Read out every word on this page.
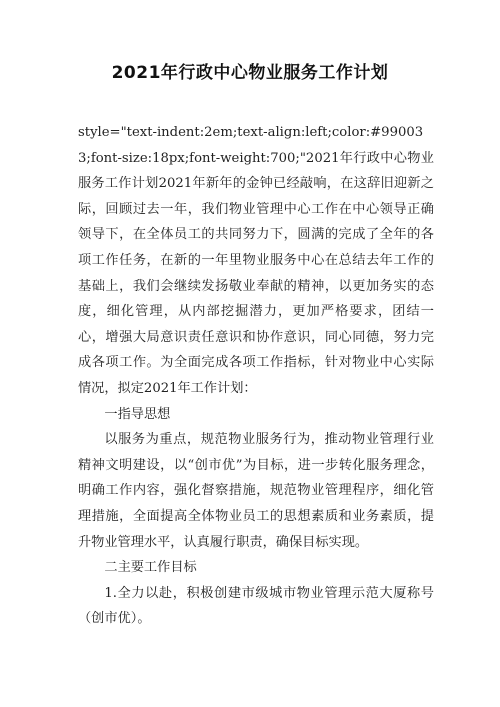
2021年行政中心物业服务工作计划

style="text-indent:2em;text-align:left;color:#990033;font-size:18px;font-weight:700;"2021年行政中心物业服务工作计划2021年新年的金钟已经敲响，在这辞旧迎新之际，回顾过去一年，我们物业管理中心工作在中心领导正确领导下，在全体员工的共同努力下，圆满的完成了全年的各项工作任务，在新的一年里物业服务中心在总结去年工作的基础上，我们会继续发扬敬业奉献的精神，以更加务实的态度，细化管理，从内部挖掘潜力，更加严格要求，团结一心，增强大局意识责任意识和协作意识，同心同德，努力完成各项工作。为全面完成各项工作指标，针对物业中心实际情况，拟定2021年工作计划：

一指导思想

以服务为重点，规范物业服务行为，推动物业管理行业精神文明建设，以“创市优”为目标，进一步转化服务理念，明确工作内容，强化督察措施，规范物业管理程序，细化管理措施，全面提高全体物业员工的思想素质和业务素质，提升物业管理水平，认真履行职责，确保目标实现。

二主要工作目标

1.全力以赴，积极创建市级城市物业管理示范大厦称号（创市优）。
